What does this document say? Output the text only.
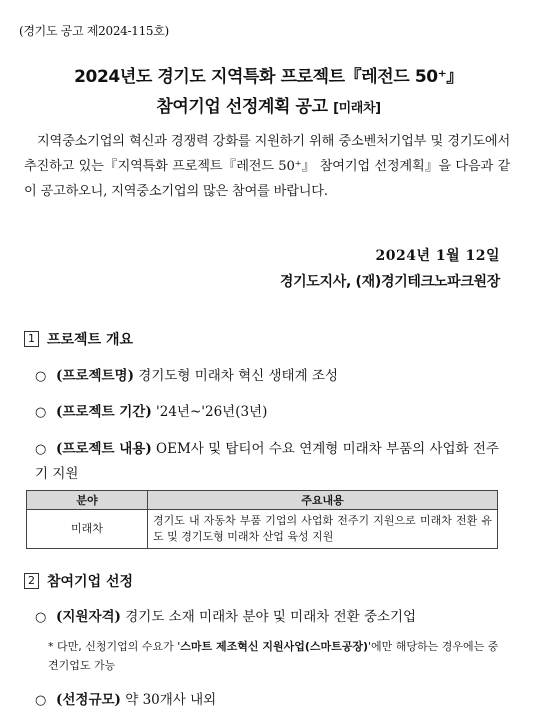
(경기도 공고 제2024-115호)
2024년도 경기도 지역특화 프로젝트『레전드 50⁺』
참여기업 선정계획 공고 [미래차]
지역중소기업의 혁신과 경쟁력 강화를 지원하기 위해 중소벤처기업부 및 경기도에서 추진하고 있는『지역특화 프로젝트『레전드 50⁺』 참여기업 선정계획』을 다음과 같이 공고하오니, 지역중소기업의 많은 참여를 바랍니다.
2024년 1월 12일
경기도지사, (재)경기테크노파크원장
1 프로젝트 개요
○ (프로젝트명) 경기도형 미래차 혁신 생태계 조성
○ (프로젝트 기간) '24년~'26년(3년)
○ (프로젝트 내용) OEM사 및 탑티어 수요 연계형 미래차 부품의 사업화 전주기 지원
분야	주요내용
미래차	경기도 내 자동차 부품 기업의 사업화 전주기 지원으로 미래차 전환 유도 및 경기도형 미래차 산업 육성 지원
2 참여기업 선정
○ (지원자격) 경기도 소재 미래차 분야 및 미래차 전환 중소기업
* 다만, 신청기업의 수요가 '스마트 제조혁신 지원사업(스마트공장)'에만 해당하는 경우에는 중견기업도 가능
○ (선정규모) 약 30개사 내외
